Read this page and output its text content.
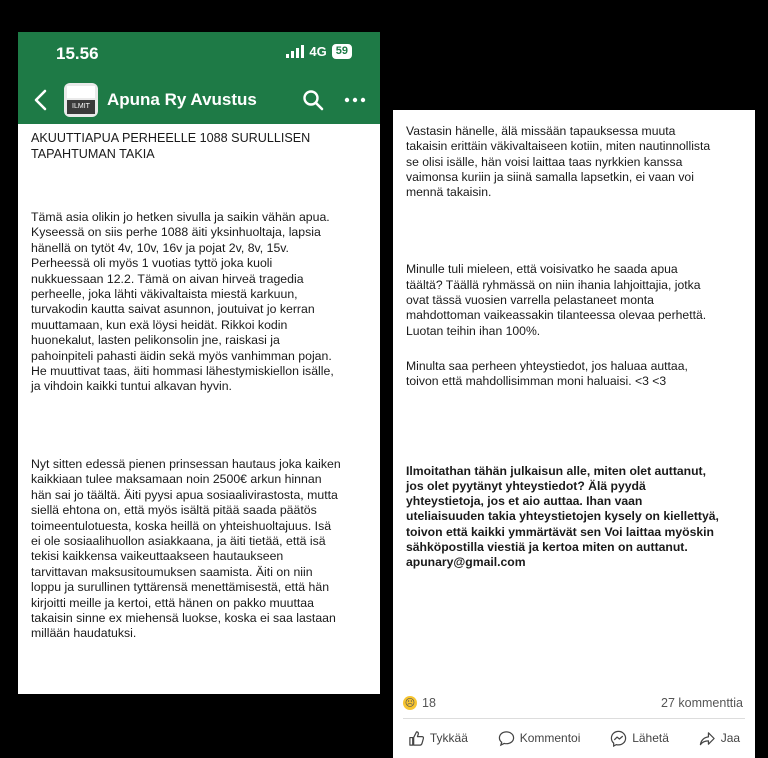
15.56	4G 59
ILMIT Apuna Ry Avustus

AKUUTTIAPUA PERHEELLE 1088 SURULLISEN
TAPAHTUMAN TAKIA

Tämä asia olikin jo hetken sivulla ja saikin vähän apua.
Kyseessä on siis perhe 1088 äiti yksinhuoltaja, lapsia
hänellä on tytöt 4v, 10v, 16v ja pojat 2v, 8v, 15v.
Perheessä oli myös 1 vuotias tyttö joka kuoli
nukkuessaan 12.2. Tämä on aivan hirveä tragedia
perheelle, joka lähti väkivaltaista miestä karkuun,
turvakodin kautta saivat asunnon, joutuivat jo kerran
muuttamaan, kun exä löysi heidät. Rikkoi kodin
huonekalut, lasten pelikonsolin jne, raiskasi ja
pahoinpiteli pahasti äidin sekä myös vanhimman pojan.
He muuttivat taas, äiti hommasi lähestymiskiellon isälle,
ja vihdoin kaikki tuntui alkavan hyvin.

Nyt sitten edessä pienen prinsessan hautaus joka kaiken
kaikkiaan tulee maksamaan noin 2500€ arkun hinnan
hän sai jo täältä. Äiti pyysi apua sosiaalivirastosta, mutta
siellä ehtona on, että myös isältä pitää saada päätös
toimeentulotuesta, koska heillä on yhteishuoltajuus. Isä
ei ole sosiaalihuollon asiakkaana, ja äiti tietää, että isä
tekisi kaikkensa vaikeuttaakseen hautaukseen
tarvittavan maksusitoumuksen saamista. Äiti on niin
loppu ja surullinen tyttärensä menettämisestä, että hän
kirjoitti meille ja kertoi, että hänen on pakko muuttaa
takaisin sinne ex miehensä luokse, koska ei saa lastaan
millään haudatuksi.

Vastasin hänelle, älä missään tapauksessa muuta
takaisin erittäin väkivaltaiseen kotiin, miten nautinnollista
se olisi isälle, hän voisi laittaa taas nyrkkien kanssa
vaimonsa kuriin ja siinä samalla lapsetkin, ei vaan voi
mennä takaisin.

Minulle tuli mieleen, että voisivatko he saada apua
täältä? Täällä ryhmässä on niin ihania lahjoittajia, jotka
ovat tässä vuosien varrella pelastaneet monta
mahdottoman vaikeassakin tilanteessa olevaa perhettä.
Luotan teihin ihan 100%.

Minulta saa perheen yhteystiedot, jos haluaa auttaa,
toivon että mahdollisimman moni haluaisi. <3 <3

Ilmoitathan tähän julkaisun alle, miten olet auttanut,
jos olet pyytänyt yhteystiedot? Älä pyydä
yhteystietoja, jos et aio auttaa. Ihan vaan
uteliaisuuden takia yhteystietojen kysely on kiellettyä,
toivon että kaikki ymmärtävät sen Voi laittaa myöskin
sähköpostilla viestiä ja kertoa miten on auttanut.
apunary@gmail.com

☹ 18	27 kommenttia
Tykkää	Kommentoi	Lähetä	Jaa
